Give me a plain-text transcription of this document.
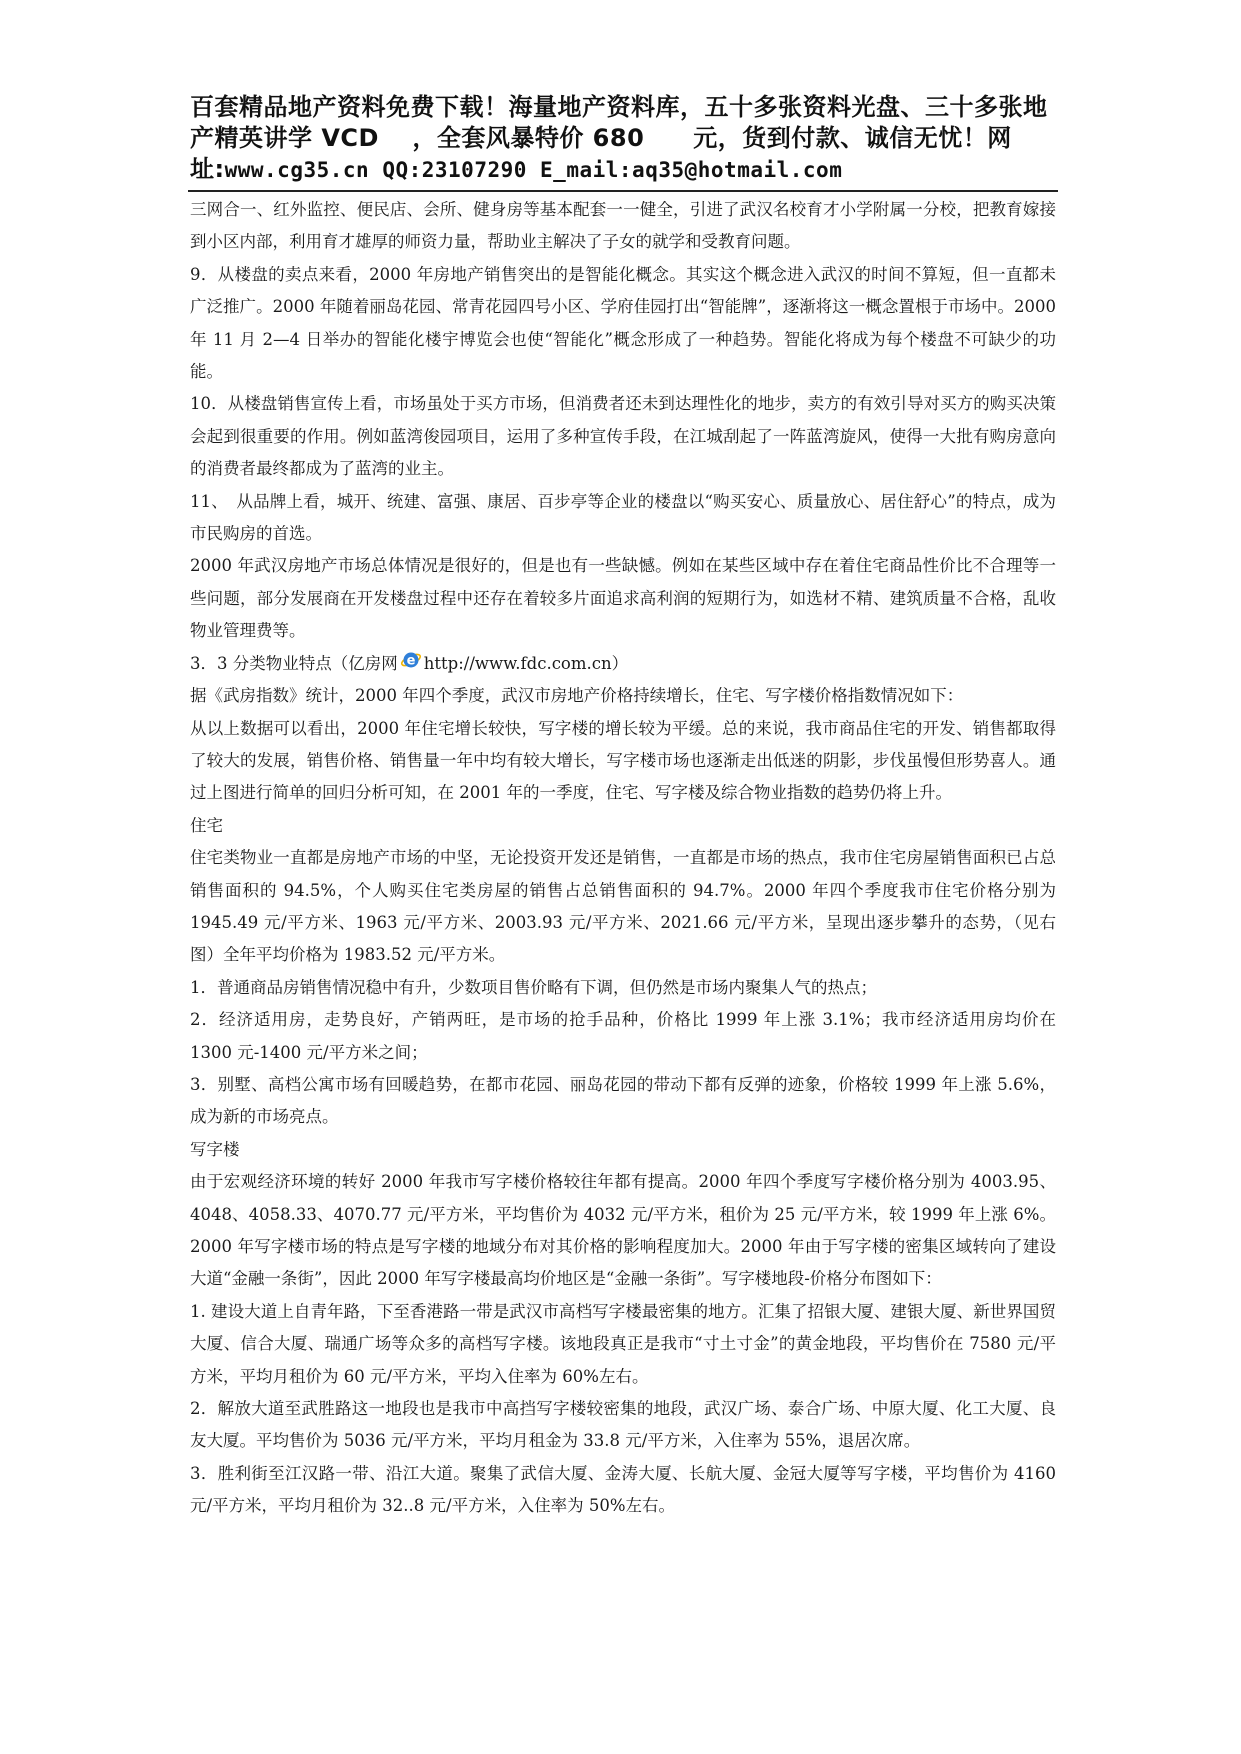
百套精品地产资料免费下载！海量地产资料库，五十多张资料光盘、三十多张地
产精英讲学 VCD　 ，全套风暴特价 680　　元，货到付款、诚信无忧！网
址:www.cg35.cn QQ:23107290 E_mail:aq35@hotmail.com

三网合一、红外监控、便民店、会所、健身房等基本配套一一健全，引进了武汉名校育才小学附属一分校，把教育嫁接到小区内部，利用育才雄厚的师资力量，帮助业主解决了子女的就学和受教育问题。

9．从楼盘的卖点来看，2000 年房地产销售突出的是智能化概念。其实这个概念进入武汉的时间不算短，但一直都未广泛推广。2000 年随着丽岛花园、常青花园四号小区、学府佳园打出“智能牌”，逐渐将这一概念置根于市场中。2000 年 11 月 2—4 日举办的智能化楼宇博览会也使“智能化”概念形成了一种趋势。智能化将成为每个楼盘不可缺少的功能。

10．从楼盘销售宣传上看，市场虽处于买方市场，但消费者还未到达理性化的地步，卖方的有效引导对买方的购买决策会起到很重要的作用。例如蓝湾俊园项目，运用了多种宣传手段，在江城刮起了一阵蓝湾旋风，使得一大批有购房意向的消费者最终都成为了蓝湾的业主。

11、　从品牌上看，城开、统建、富强、康居、百步亭等企业的楼盘以“购买安心、质量放心、居住舒心”的特点，成为市民购房的首选。

2000 年武汉房地产市场总体情况是很好的，但是也有一些缺憾。例如在某些区域中存在着住宅商品性价比不合理等一些问题，部分发展商在开发楼盘过程中还存在着较多片面追求高利润的短期行为，如选材不精、建筑质量不合格，乱收物业管理费等。

3．3 分类物业特点（亿房网 e http://www.fdc.com.cn）

据《武房指数》统计，2000 年四个季度，武汉市房地产价格持续增长，住宅、写字楼价格指数情况如下：

从以上数据可以看出，2000 年住宅增长较快，写字楼的增长较为平缓。总的来说，我市商品住宅的开发、销售都取得了较大的发展，销售价格、销售量一年中均有较大增长，写字楼市场也逐渐走出低迷的阴影，步伐虽慢但形势喜人。通过上图进行简单的回归分析可知，在 2001 年的一季度，住宅、写字楼及综合物业指数的趋势仍将上升。

住宅

住宅类物业一直都是房地产市场的中坚，无论投资开发还是销售，一直都是市场的热点，我市住宅房屋销售面积已占总销售面积的 94.5%，个人购买住宅类房屋的销售占总销售面积的 94.7%。2000 年四个季度我市住宅价格分别为 1945.49 元/平方米、1963 元/平方米、2003.93 元/平方米、2021.66 元/平方米，呈现出逐步攀升的态势，（见右图）全年平均价格为 1983.52 元/平方米。

1．普通商品房销售情况稳中有升，少数项目售价略有下调，但仍然是市场内聚集人气的热点；

2．经济适用房，走势良好，产销两旺，是市场的抢手品种，价格比 1999 年上涨 3.1%；我市经济适用房均价在 1300 元-1400 元/平方米之间；

3．别墅、高档公寓市场有回暖趋势，在都市花园、丽岛花园的带动下都有反弹的迹象，价格较 1999 年上涨 5.6%，成为新的市场亮点。

写字楼

由于宏观经济环境的转好 2000 年我市写字楼价格较往年都有提高。2000 年四个季度写字楼价格分别为 4003.95、4048、4058.33、4070.77 元/平方米，平均售价为 4032 元/平方米，租价为 25 元/平方米，较 1999 年上涨 6%。2000 年写字楼市场的特点是写字楼的地域分布对其价格的影响程度加大。2000 年由于写字楼的密集区域转向了建设大道“金融一条街”，因此 2000 年写字楼最高均价地区是“金融一条街”。写字楼地段-价格分布图如下：

1. 建设大道上自青年路，下至香港路一带是武汉市高档写字楼最密集的地方。汇集了招银大厦、建银大厦、新世界国贸大厦、信合大厦、瑞通广场等众多的高档写字楼。该地段真正是我市“寸土寸金”的黄金地段，平均售价在 7580 元/平方米，平均月租价为 60 元/平方米，平均入住率为 60%左右。

2．解放大道至武胜路这一地段也是我市中高挡写字楼较密集的地段，武汉广场、泰合广场、中原大厦、化工大厦、良友大厦。平均售价为 5036 元/平方米，平均月租金为 33.8 元/平方米，入住率为 55%，退居次席。

3．胜利街至江汉路一带、沿江大道。聚集了武信大厦、金涛大厦、长航大厦、金冠大厦等写字楼，平均售价为 4160 元/平方米，平均月租价为 32..8 元/平方米，入住率为 50%左右。
